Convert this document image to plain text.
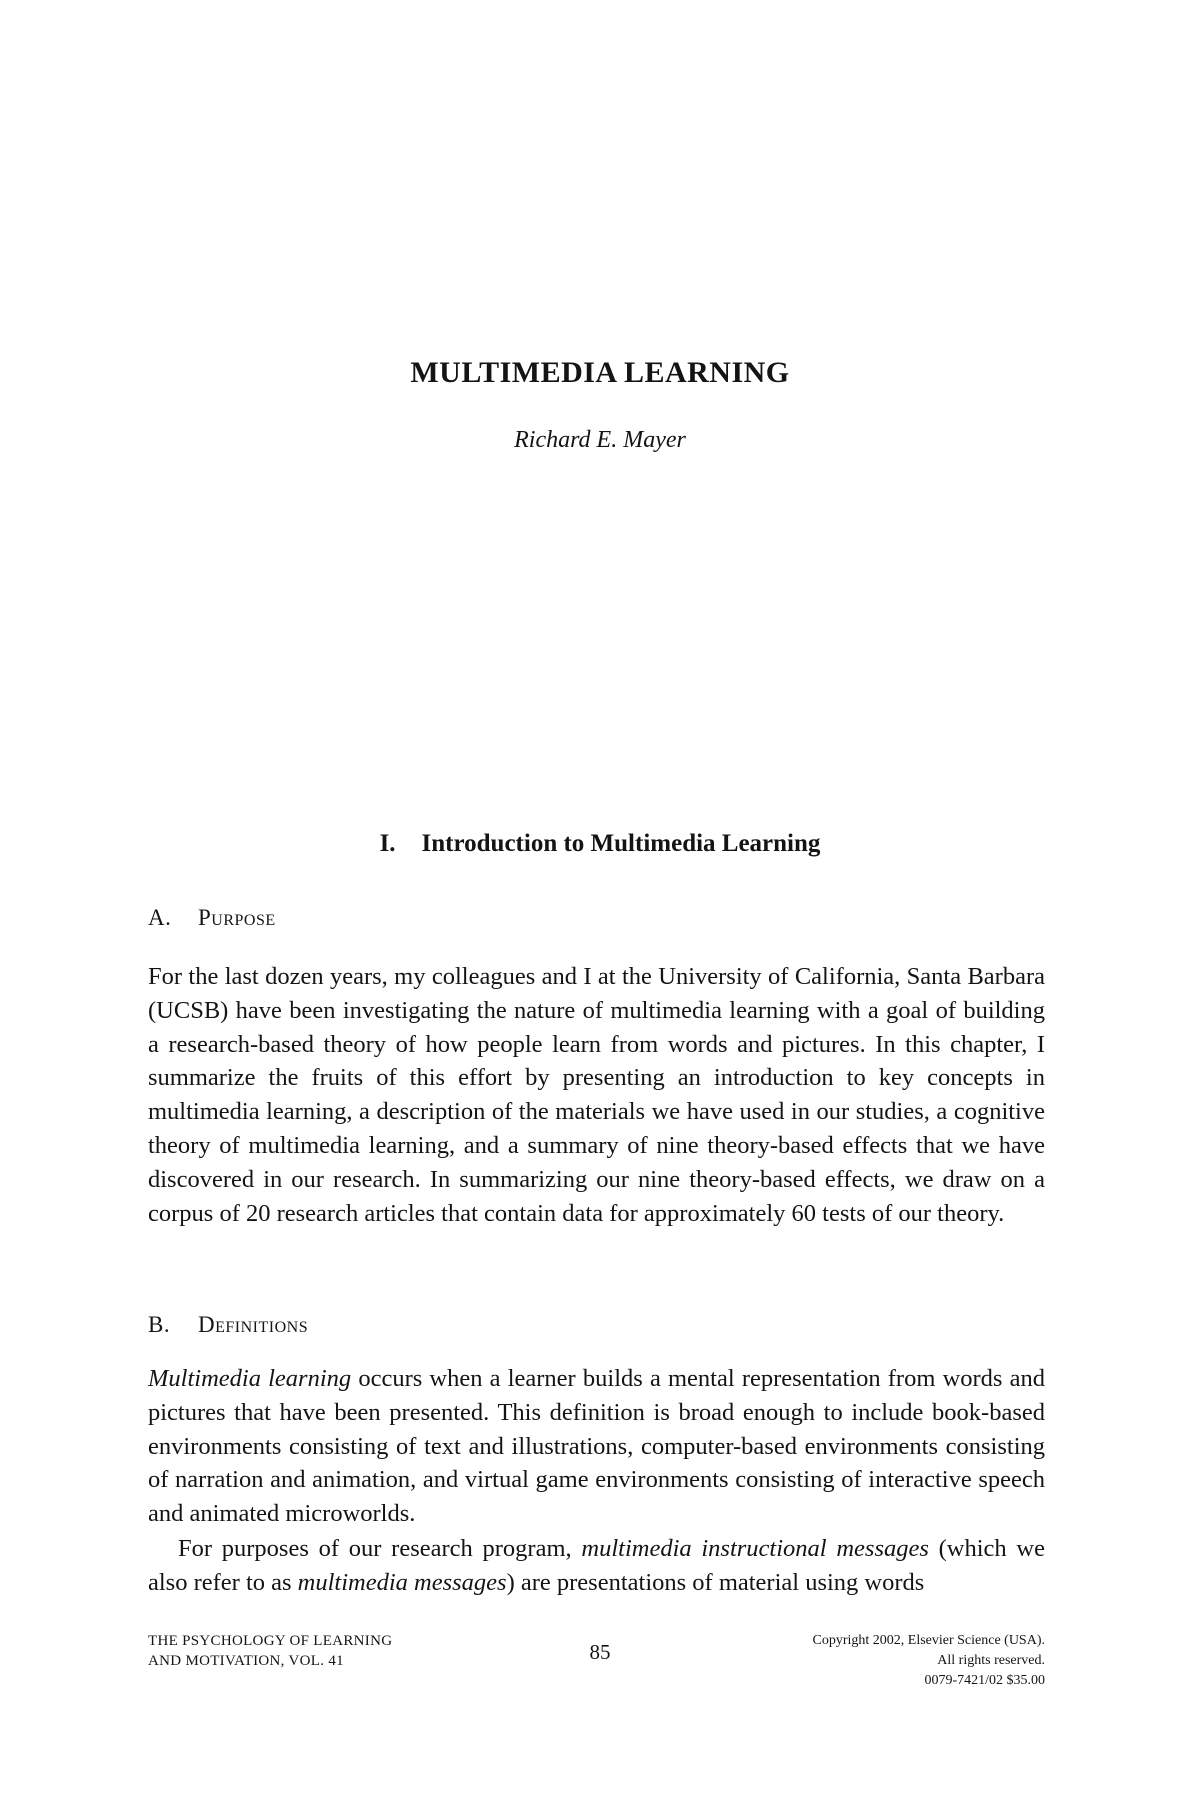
MULTIMEDIA LEARNING
Richard E. Mayer
I. Introduction to Multimedia Learning
A. Purpose

For the last dozen years, my colleagues and I at the University of California, Santa Barbara (UCSB) have been investigating the nature of multimedia learning with a goal of building a research-based theory of how people learn from words and pictures. In this chapter, I summarize the fruits of this effort by presenting an introduction to key concepts in multimedia learning, a description of the materials we have used in our studies, a cognitive theory of multimedia learning, and a summary of nine theory-based effects that we have discovered in our research. In summarizing our nine theory-based effects, we draw on a corpus of 20 research articles that contain data for approximately 60 tests of our theory.

B. Definitions

Multimedia learning occurs when a learner builds a mental representation from words and pictures that have been presented. This definition is broad enough to include book-based environments consisting of text and illustrations, computer-based environments consisting of narration and animation, and virtual game environments consisting of interactive speech and animated microworlds.

For purposes of our research program, multimedia instructional messages (which we also refer to as multimedia messages) are presentations of material using words

THE PSYCHOLOGY OF LEARNING
AND MOTIVATION, VOL. 41	85	Copyright 2002, Elsevier Science (USA).
All rights reserved.
0079-7421/02 $35.00
